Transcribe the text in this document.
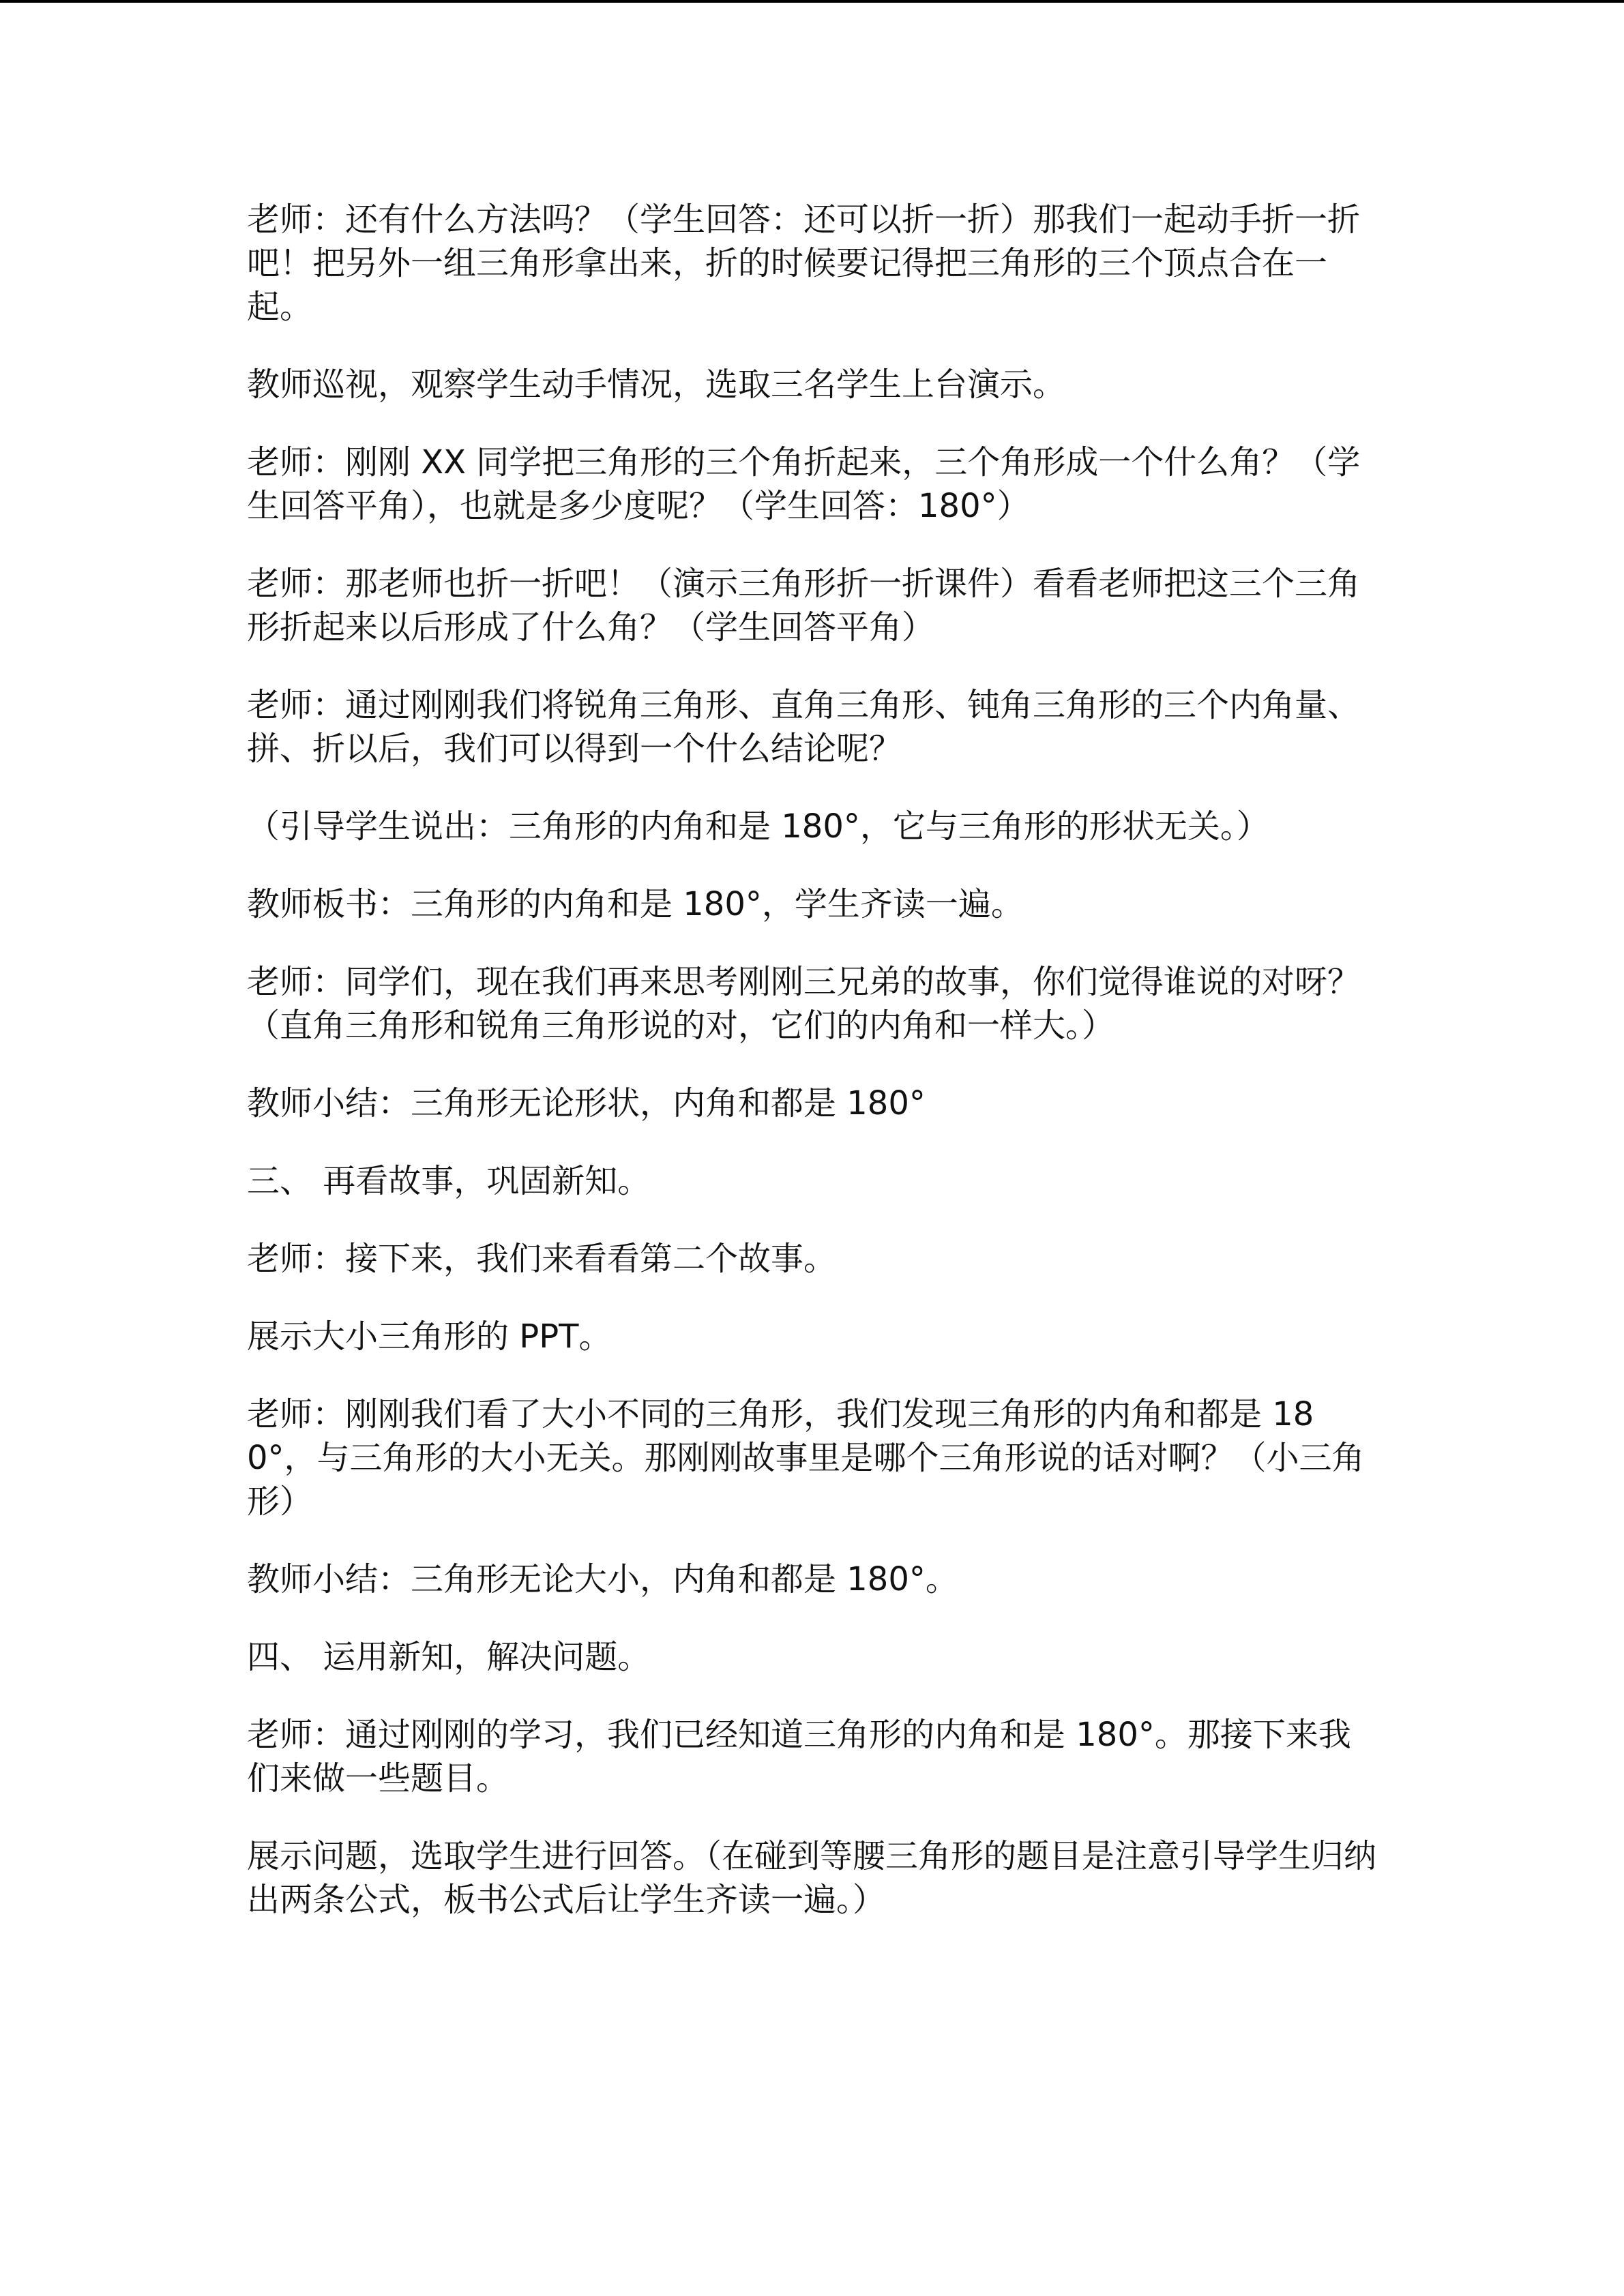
老师：还有什么方法吗？（学生回答：还可以折一折）那我们一起动手折一折吧！把另外一组三角形拿出来，折的时候要记得把三角形的三个顶点合在一起。

教师巡视，观察学生动手情况，选取三名学生上台演示。

老师：刚刚 XX 同学把三角形的三个角折起来，三个角形成一个什么角？（学生回答平角），也就是多少度呢？（学生回答：180°）

老师：那老师也折一折吧！（演示三角形折一折课件）看看老师把这三个三角形折起来以后形成了什么角？（学生回答平角）

老师：通过刚刚我们将锐角三角形、直角三角形、钝角三角形的三个内角量、拼、折以后，我们可以得到一个什么结论呢？

（引导学生说出：三角形的内角和是 180°，它与三角形的形状无关。）

教师板书：三角形的内角和是 180°，学生齐读一遍。

老师：同学们，现在我们再来思考刚刚三兄弟的故事，你们觉得谁说的对呀？（直角三角形和锐角三角形说的对，它们的内角和一样大。）

教师小结：三角形无论形状，内角和都是 180°

三、 再看故事，巩固新知。

老师：接下来，我们来看看第二个故事。

展示大小三角形的 PPT。

老师：刚刚我们看了大小不同的三角形，我们发现三角形的内角和都是 180°，与三角形的大小无关。那刚刚故事里是哪个三角形说的话对啊？（小三角形）

教师小结：三角形无论大小，内角和都是 180°。

四、 运用新知，解决问题。

老师：通过刚刚的学习，我们已经知道三角形的内角和是 180°。那接下来我们来做一些题目。

展示问题，选取学生进行回答。（在碰到等腰三角形的题目是注意引导学生归纳出两条公式，板书公式后让学生齐读一遍。）
